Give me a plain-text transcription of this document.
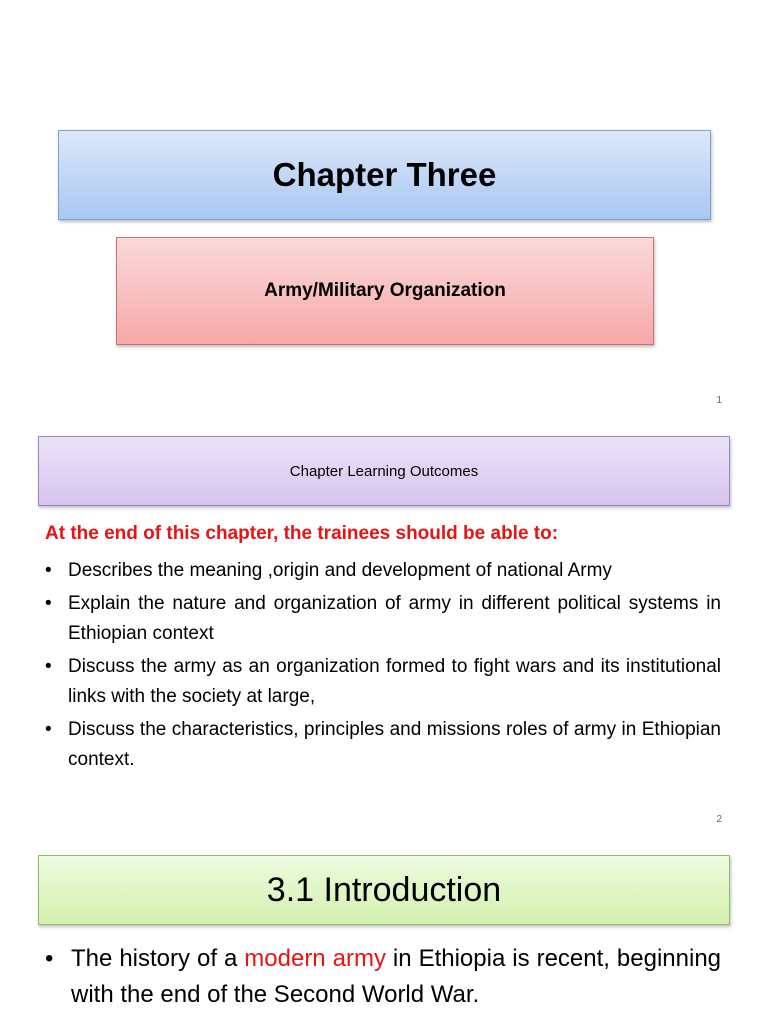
Chapter Three
Army/Military Organization
1
Chapter Learning Outcomes
At the end of this chapter, the trainees should be able to:
• Describes the meaning ,origin and development of national Army
• Explain the nature and organization of army in different political systems in Ethiopian context
• Discuss the army as an organization formed to fight wars and its institutional links with the society at large,
• Discuss the characteristics, principles and missions roles of army in Ethiopian context.
2
3.1 Introduction
• The history of a modern army in Ethiopia is recent, beginning with the end of the Second World War.
